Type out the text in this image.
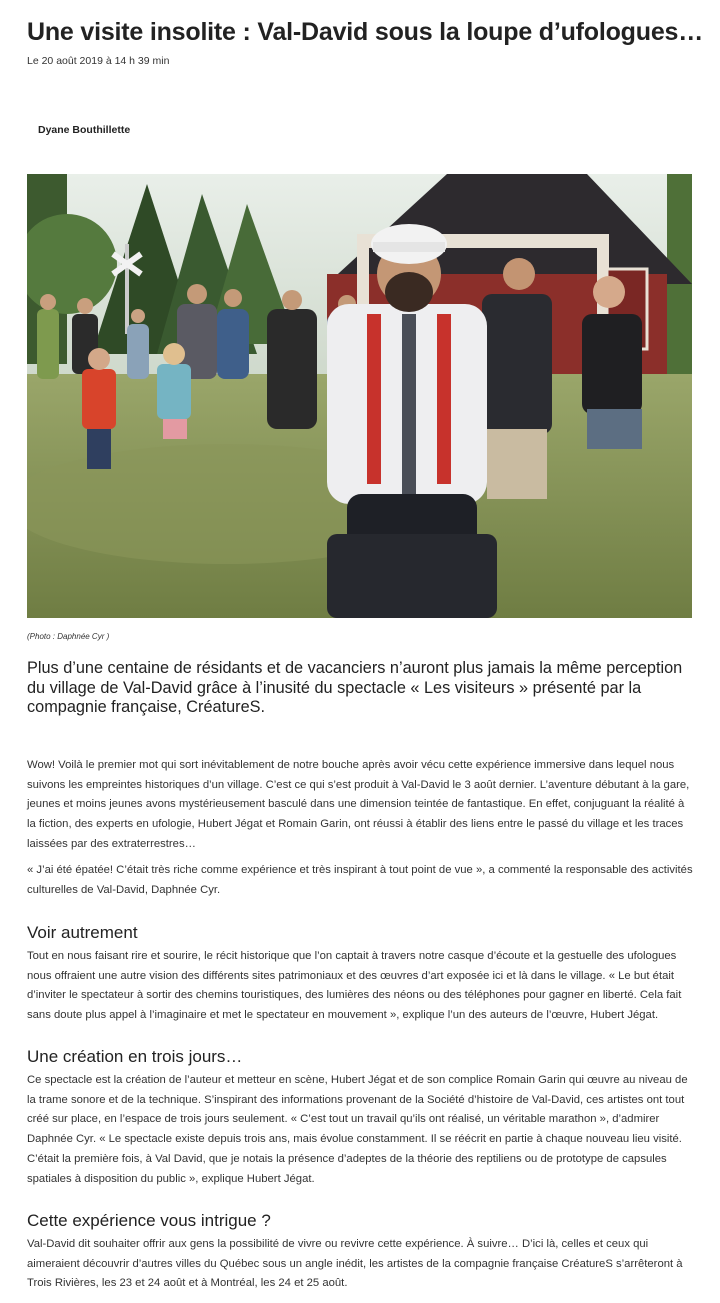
Une visite insolite : Val-David sous la loupe d’ufologues…
Le 20 août 2019 à 14 h 39 min
Dyane Bouthillette
(Photo : Daphnée Cyr )

Plus d’une centaine de résidants et de vacanciers n’auront plus jamais la même perception du village de Val-David grâce à l’inusité du spectacle « Les visiteurs » présenté par la compagnie française, CréatureS.

Wow! Voilà le premier mot qui sort inévitablement de notre bouche après avoir vécu cette expérience immersive dans lequel nous suivons les empreintes historiques d’un village. C’est ce qui s’est produit à Val-David le 3 août dernier. L’aventure débutant à la gare, jeunes et moins jeunes avons mystérieusement basculé dans une dimension teintée de fantastique. En effet, conjuguant la réalité à la fiction, des experts en ufologie, Hubert Jégat et Romain Garin, ont réussi à établir des liens entre le passé du village et les traces laissées par des extraterrestres…

« J’ai été épatée! C’était très riche comme expérience et très inspirant à tout point de vue », a commenté la responsable des activités culturelles de Val-David, Daphnée Cyr.

Voir autrement

Tout en nous faisant rire et sourire, le récit historique que l’on captait à travers notre casque d’écoute et la gestuelle des ufologues nous offraient une autre vision des différents sites patrimoniaux et des œuvres d’art exposée ici et là dans le village. « Le but était d’inviter le spectateur à sortir des chemins touristiques, des lumières des néons ou des téléphones pour gagner en liberté. Cela fait sans doute plus appel à l’imaginaire et met le spectateur en mouvement », explique l’un des auteurs de l’œuvre, Hubert Jégat.

Une création en trois jours…

Ce spectacle est la création de l’auteur et metteur en scène, Hubert Jégat et de son complice Romain Garin qui œuvre au niveau de la trame sonore et de la technique. S’inspirant des informations provenant de la Société d’histoire de Val-David, ces artistes ont tout créé sur place, en l’espace de trois jours seulement. « C’est tout un travail qu’ils ont réalisé, un véritable marathon », d’admirer Daphnée Cyr. « Le spectacle existe depuis trois ans, mais évolue constamment. Il se réécrit en partie à chaque nouveau lieu visité. C’était la première fois, à Val David, que je notais la présence d’adeptes de la théorie des reptiliens ou de prototype de capsules spatiales à disposition du public », explique Hubert Jégat.

Cette expérience vous intrigue ?

Val-David dit souhaiter offrir aux gens la possibilité de vivre ou revivre cette expérience. À suivre… D’ici là, celles et ceux qui aimeraient découvrir d’autres villes du Québec sous un angle inédit, les artistes de la compagnie française CréatureS s’arrêteront à Trois Rivières, les 23 et 24 août et à Montréal, les 24 et 25 août.
